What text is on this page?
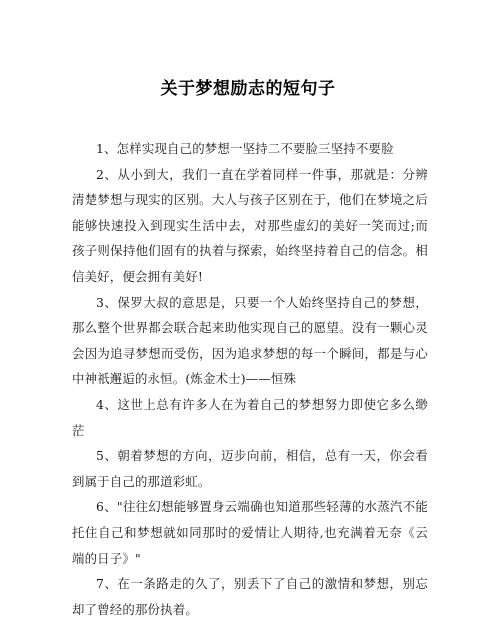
关于梦想励志的短句子

1、怎样实现自己的梦想一坚持二不要脸三坚持不要脸

2、从小到大，我们一直在学着同样一件事，那就是：分辨清楚梦想与现实的区别。大人与孩子区别在于，他们在梦境之后能够快速投入到现实生活中去，对那些虚幻的美好一笑而过;而孩子则保持他们固有的执着与探索，始终坚持着自己的信念。相信美好，便会拥有美好!

3、保罗大叔的意思是，只要一个人始终坚持自己的梦想，那么整个世界都会联合起来助他实现自己的愿望。没有一颗心灵会因为追寻梦想而受伤，因为追求梦想的每一个瞬间，都是与心中神祇邂逅的永恒。(炼金术士)——恒殊

4、这世上总有许多人在为着自己的梦想努力即使它多么缈茫

5、朝着梦想的方向，迈步向前，相信，总有一天，你会看到属于自己的那道彩虹。

6、"往往幻想能够置身云端确也知道那些轻薄的水蒸汽不能托住自己和梦想就如同那时的爱情让人期待,也充满着无奈《云端的日子》"

7、在一条路走的久了，别丢下了自己的激情和梦想，别忘却了曾经的那份执着。
